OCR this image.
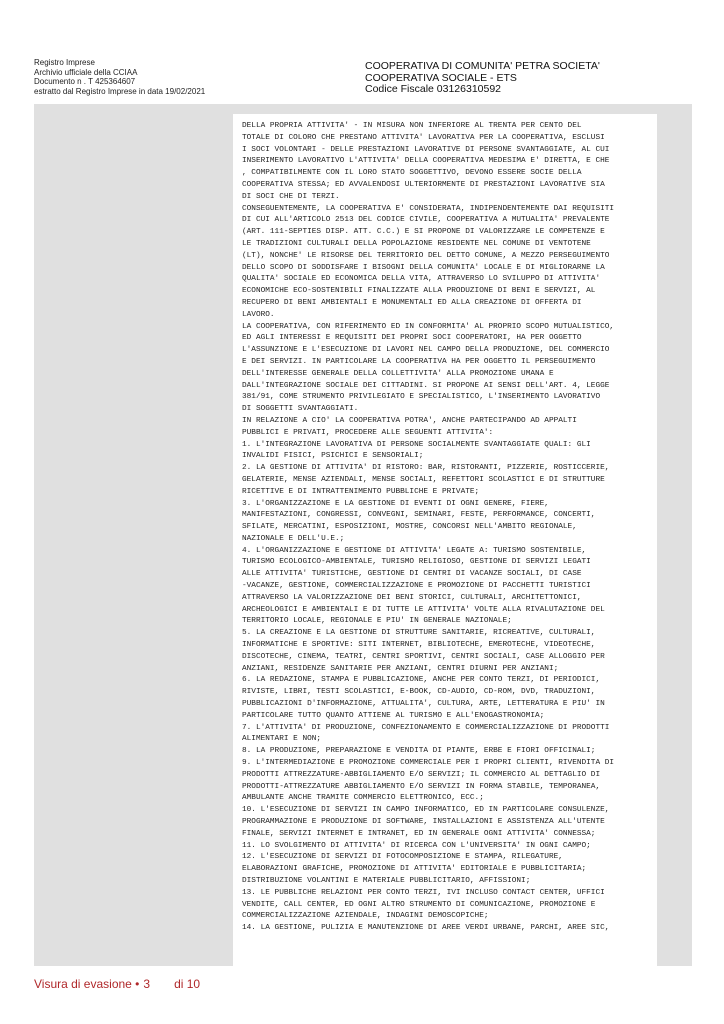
Registro Imprese
Archivio ufficiale della CCIAA
Documento n . T 425364607
estratto dal Registro Imprese in data 19/02/2021
COOPERATIVA DI COMUNITA' PETRA SOCIETA'
COOPERATIVA SOCIALE - ETS
Codice Fiscale 03126310592
DELLA PROPRIA ATTIVITA' - IN MISURA NON INFERIORE AL TRENTA PER CENTO DEL
TOTALE DI COLORO CHE PRESTANO ATTIVITA' LAVORATIVA PER LA COOPERATIVA, ESCLUSI
I SOCI VOLONTARI - DELLE PRESTAZIONI LAVORATIVE DI PERSONE SVANTAGGIATE, AL CUI
INSERIMENTO LAVORATIVO L'ATTIVITA' DELLA COOPERATIVA MEDESIMA E' DIRETTA, E CHE
, COMPATIBILMENTE CON IL LORO STATO SOGGETTIVO, DEVONO ESSERE SOCIE DELLA
COOPERATIVA STESSA; ED AVVALENDOSI ULTERIORMENTE DI PRESTAZIONI LAVORATIVE SIA
DI SOCI CHE DI TERZI.
CONSEGUENTEMENTE, LA COOPERATIVA E' CONSIDERATA, INDIPENDENTEMENTE DAI REQUISITI
DI CUI ALL'ARTICOLO 2513 DEL CODICE CIVILE, COOPERATIVA A MUTUALITA' PREVALENTE
(ART. 111-SEPTIES DISP. ATT. C.C.) E SI PROPONE DI VALORIZZARE LE COMPETENZE E
LE TRADIZIONI CULTURALI DELLA POPOLAZIONE RESIDENTE NEL COMUNE DI VENTOTENE
(LT), NONCHE' LE RISORSE DEL TERRITORIO DEL DETTO COMUNE, A MEZZO PERSEGUIMENTO
DELLO SCOPO DI SODDISFARE I BISOGNI DELLA COMUNITA' LOCALE E DI MIGLIORARNE LA
QUALITA' SOCIALE ED ECONOMICA DELLA VITA, ATTRAVERSO LO SVILUPPO DI ATTIVITA'
ECONOMICHE ECO-SOSTENIBILI FINALIZZATE ALLA PRODUZIONE DI BENI E SERVIZI, AL
RECUPERO DI BENI AMBIENTALI E MONUMENTALI ED ALLA CREAZIONE DI OFFERTA DI
LAVORO.
LA COOPERATIVA, CON RIFERIMENTO ED IN CONFORMITA' AL PROPRIO SCOPO MUTUALISTICO,
ED AGLI INTERESSI E REQUISITI DEI PROPRI SOCI COOPERATORI, HA PER OGGETTO
L'ASSUNZIONE E L'ESECUZIONE DI LAVORI NEL CAMPO DELLA PRODUZIONE, DEL COMMERCIO
E DEI SERVIZI. IN PARTICOLARE LA COOPERATIVA HA PER OGGETTO IL PERSEGUIMENTO
DELL'INTERESSE GENERALE DELLA COLLETTIVITA' ALLA PROMOZIONE UMANA E
DALL'INTEGRAZIONE SOCIALE DEI CITTADINI. SI PROPONE AI SENSI DELL'ART. 4, LEGGE
381/91, COME STRUMENTO PRIVILEGIATO E SPECIALISTICO, L'INSERIMENTO LAVORATIVO
DI SOGGETTI SVANTAGGIATI.
IN RELAZIONE A CIO' LA COOPERATIVA POTRA', ANCHE PARTECIPANDO AD APPALTI
PUBBLICI E PRIVATI, PROCEDERE ALLE SEGUENTI ATTIVITA':
1. L'INTEGRAZIONE LAVORATIVA DI PERSONE SOCIALMENTE SVANTAGGIATE QUALI: GLI
INVALIDI FISICI, PSICHICI E SENSORIALI;
2. LA GESTIONE DI ATTIVITA' DI RISTORO: BAR, RISTORANTI, PIZZERIE, ROSTICCERIE,
GELATERIE, MENSE AZIENDALI, MENSE SOCIALI, REFETTORI SCOLASTICI E DI STRUTTURE
RICETTIVE E DI INTRATTENIMENTO PUBBLICHE E PRIVATE;
3. L'ORGANIZZAZIONE E LA GESTIONE DI EVENTI DI OGNI GENERE, FIERE,
MANIFESTAZIONI, CONGRESSI, CONVEGNI, SEMINARI, FESTE, PERFORMANCE, CONCERTI,
SFILATE, MERCATINI, ESPOSIZIONI, MOSTRE, CONCORSI NELL'AMBITO REGIONALE,
NAZIONALE E DELL'U.E.;
4. L'ORGANIZZAZIONE E GESTIONE DI ATTIVITA' LEGATE A: TURISMO SOSTENIBILE,
TURISMO ECOLOGICO-AMBIENTALE, TURISMO RELIGIOSO, GESTIONE DI SERVIZI LEGATI
ALLE ATTIVITA' TURISTICHE, GESTIONE DI CENTRI DI VACANZE SOCIALI, DI CASE
-VACANZE, GESTIONE, COMMERCIALIZZAZIONE E PROMOZIONE DI PACCHETTI TURISTICI
ATTRAVERSO LA VALORIZZAZIONE DEI BENI STORICI, CULTURALI, ARCHITETTONICI,
ARCHEOLOGICI E AMBIENTALI E DI TUTTE LE ATTIVITA' VOLTE ALLA RIVALUTAZIONE DEL
TERRITORIO LOCALE, REGIONALE E PIU' IN GENERALE NAZIONALE;
5. LA CREAZIONE E LA GESTIONE DI STRUTTURE SANITARIE, RICREATIVE, CULTURALI,
INFORMATICHE E SPORTIVE: SITI INTERNET, BIBLIOTECHE, EMEROTECHE, VIDEOTECHE,
DISCOTECHE, CINEMA, TEATRI, CENTRI SPORTIVI, CENTRI SOCIALI, CASE ALLOGGIO PER
ANZIANI, RESIDENZE SANITARIE PER ANZIANI, CENTRI DIURNI PER ANZIANI;
6. LA REDAZIONE, STAMPA E PUBBLICAZIONE, ANCHE PER CONTO TERZI, DI PERIODICI,
RIVISTE, LIBRI, TESTI SCOLASTICI, E-BOOK, CD-AUDIO, CD-ROM, DVD, TRADUZIONI,
PUBBLICAZIONI D'INFORMAZIONE, ATTUALITA', CULTURA, ARTE, LETTERATURA E PIU' IN
PARTICOLARE TUTTO QUANTO ATTIENE AL TURISMO E ALL'ENOGASTRONOMIA;
7. L'ATTIVITA' DI PRODUZIONE, CONFEZIONAMENTO E COMMERCIALIZZAZIONE DI PRODOTTI
ALIMENTARI E NON;
8. LA PRODUZIONE, PREPARAZIONE E VENDITA DI PIANTE, ERBE E FIORI OFFICINALI;
9. L'INTERMEDIAZIONE E PROMOZIONE COMMERCIALE PER I PROPRI CLIENTI, RIVENDITA DI
PRODOTTI ATTREZZATURE-ABBIGLIAMENTO E/O SERVIZI; IL COMMERCIO AL DETTAGLIO DI
PRODOTTI-ATTREZZATURE ABBIGLIAMENTO E/O SERVIZI IN FORMA STABILE, TEMPORANEA,
AMBULANTE ANCHE TRAMITE COMMERCIO ELETTRONICO, ECC.;
10. L'ESECUZIONE DI SERVIZI IN CAMPO INFORMATICO, ED IN PARTICOLARE CONSULENZE,
PROGRAMMAZIONE E PRODUZIONE DI SOFTWARE, INSTALLAZIONI E ASSISTENZA ALL'UTENTE
FINALE, SERVIZI INTERNET E INTRANET, ED IN GENERALE OGNI ATTIVITA' CONNESSA;
11. LO SVOLGIMENTO DI ATTIVITA' DI RICERCA CON L'UNIVERSITA' IN OGNI CAMPO;
12. L'ESECUZIONE DI SERVIZI DI FOTOCOMPOSIZIONE E STAMPA, RILEGATURE,
ELABORAZIONI GRAFICHE, PROMOZIONE DI ATTIVITA' EDITORIALE E PUBBLICITARIA;
DISTRIBUZIONE VOLANTINI E MATERIALE PUBBLICITARIO, AFFISSIONI;
13. LE PUBBLICHE RELAZIONI PER CONTO TERZI, IVI INCLUSO CONTACT CENTER, UFFICI
VENDITE, CALL CENTER, ED OGNI ALTRO STRUMENTO DI COMUNICAZIONE, PROMOZIONE E
COMMERCIALIZZAZIONE AZIENDALE, INDAGINI DEMOSCOPICHE;
14. LA GESTIONE, PULIZIA E MANUTENZIONE DI AREE VERDI URBANE, PARCHI, AREE SIC,
Visura di evasione • 3 di 10
